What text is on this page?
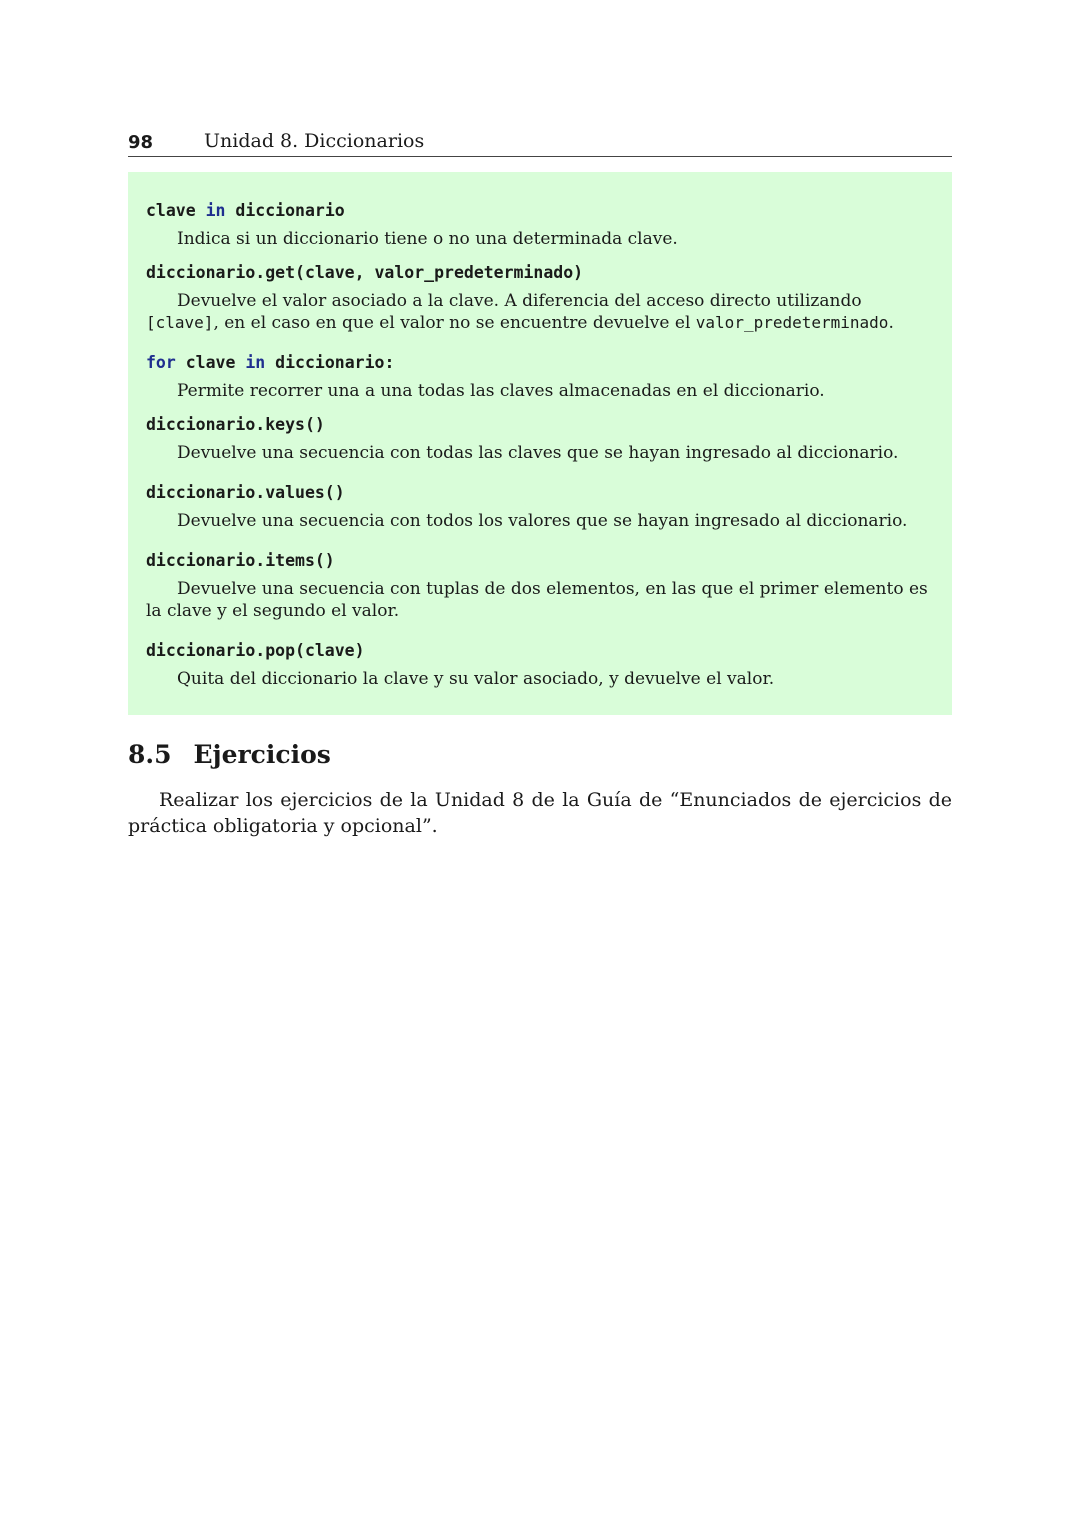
98	Unidad 8. Diccionarios

clave in diccionario

Indica si un diccionario tiene o no una determinada clave.

diccionario.get(clave, valor_predeterminado)

Devuelve el valor asociado a la clave. A diferencia del acceso directo utilizando [clave], en el caso en que el valor no se encuentre devuelve el valor_predeterminado.

for clave in diccionario:

Permite recorrer una a una todas las claves almacenadas en el diccionario.

diccionario.keys()

Devuelve una secuencia con todas las claves que se hayan ingresado al diccionario.

diccionario.values()

Devuelve una secuencia con todos los valores que se hayan ingresado al diccionario.

diccionario.items()

Devuelve una secuencia con tuplas de dos elementos, en las que el primer elemento es la clave y el segundo el valor.

diccionario.pop(clave)

Quita del diccionario la clave y su valor asociado, y devuelve el valor.

8.5 Ejercicios

Realizar los ejercicios de la Unidad 8 de la Guía de “Enunciados de ejercicios de práctica obligatoria y opcional”.
